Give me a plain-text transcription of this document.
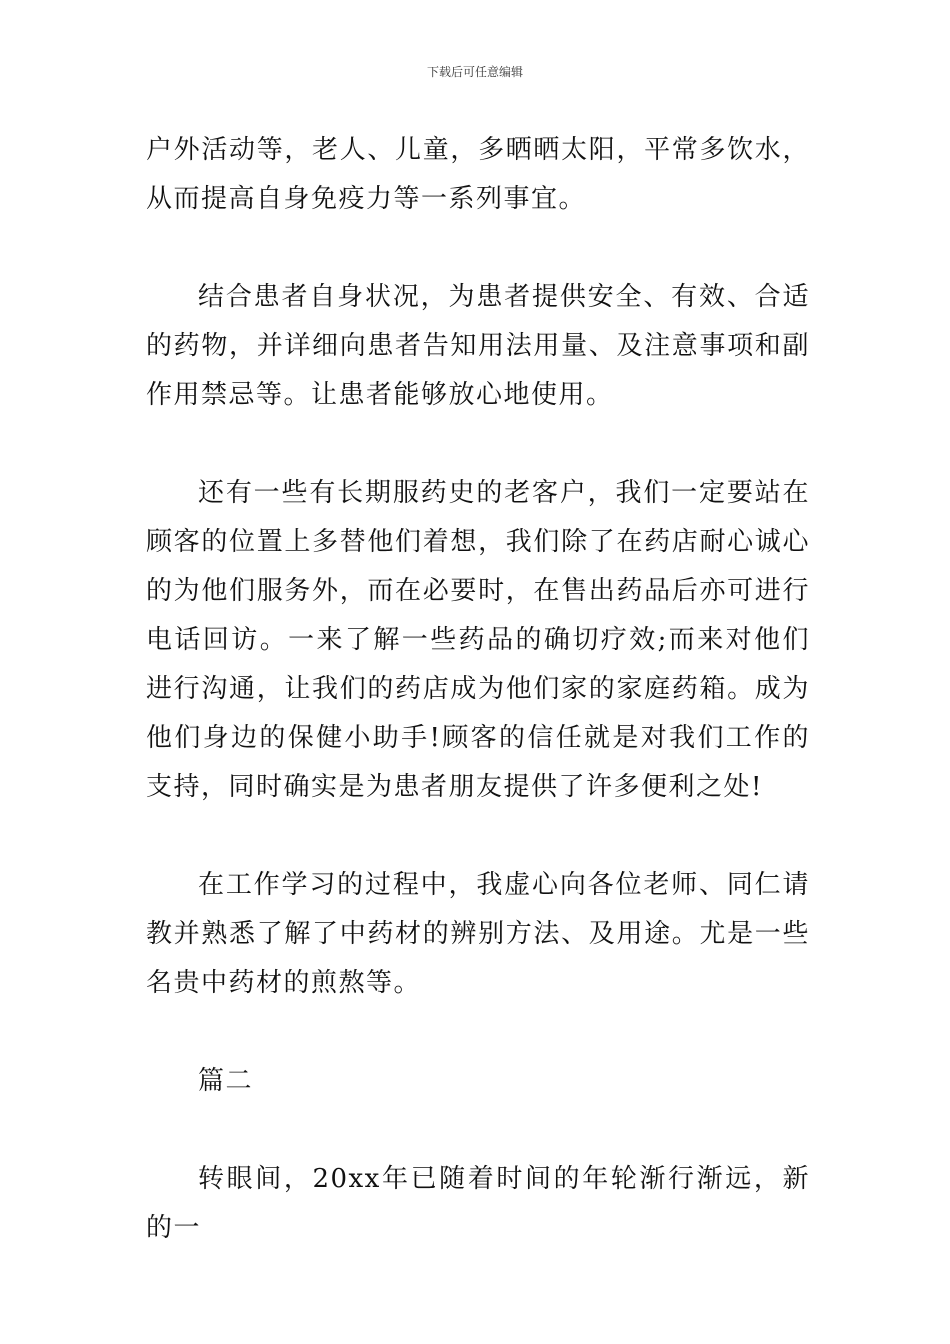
下载后可任意编辑

户外活动等，老人、儿童，多晒晒太阳，平常多饮水，从而提高自身免疫力等一系列事宜。

结合患者自身状况，为患者提供安全、有效、合适的药物，并详细向患者告知用法用量、及注意事项和副作用禁忌等。让患者能够放心地使用。

还有一些有长期服药史的老客户，我们一定要站在顾客的位置上多替他们着想，我们除了在药店耐心诚心的为他们服务外，而在必要时，在售出药品后亦可进行电话回访。一来了解一些药品的确切疗效;而来对他们进行沟通，让我们的药店成为他们家的家庭药箱。成为他们身边的保健小助手!顾客的信任就是对我们工作的支持，同时确实是为患者朋友提供了许多便利之处!

在工作学习的过程中，我虚心向各位老师、同仁请教并熟悉了解了中药材的辨别方法、及用途。尤是一些名贵中药材的煎熬等。

篇二

转眼间，20xx年已随着时间的年轮渐行渐远，新的一
